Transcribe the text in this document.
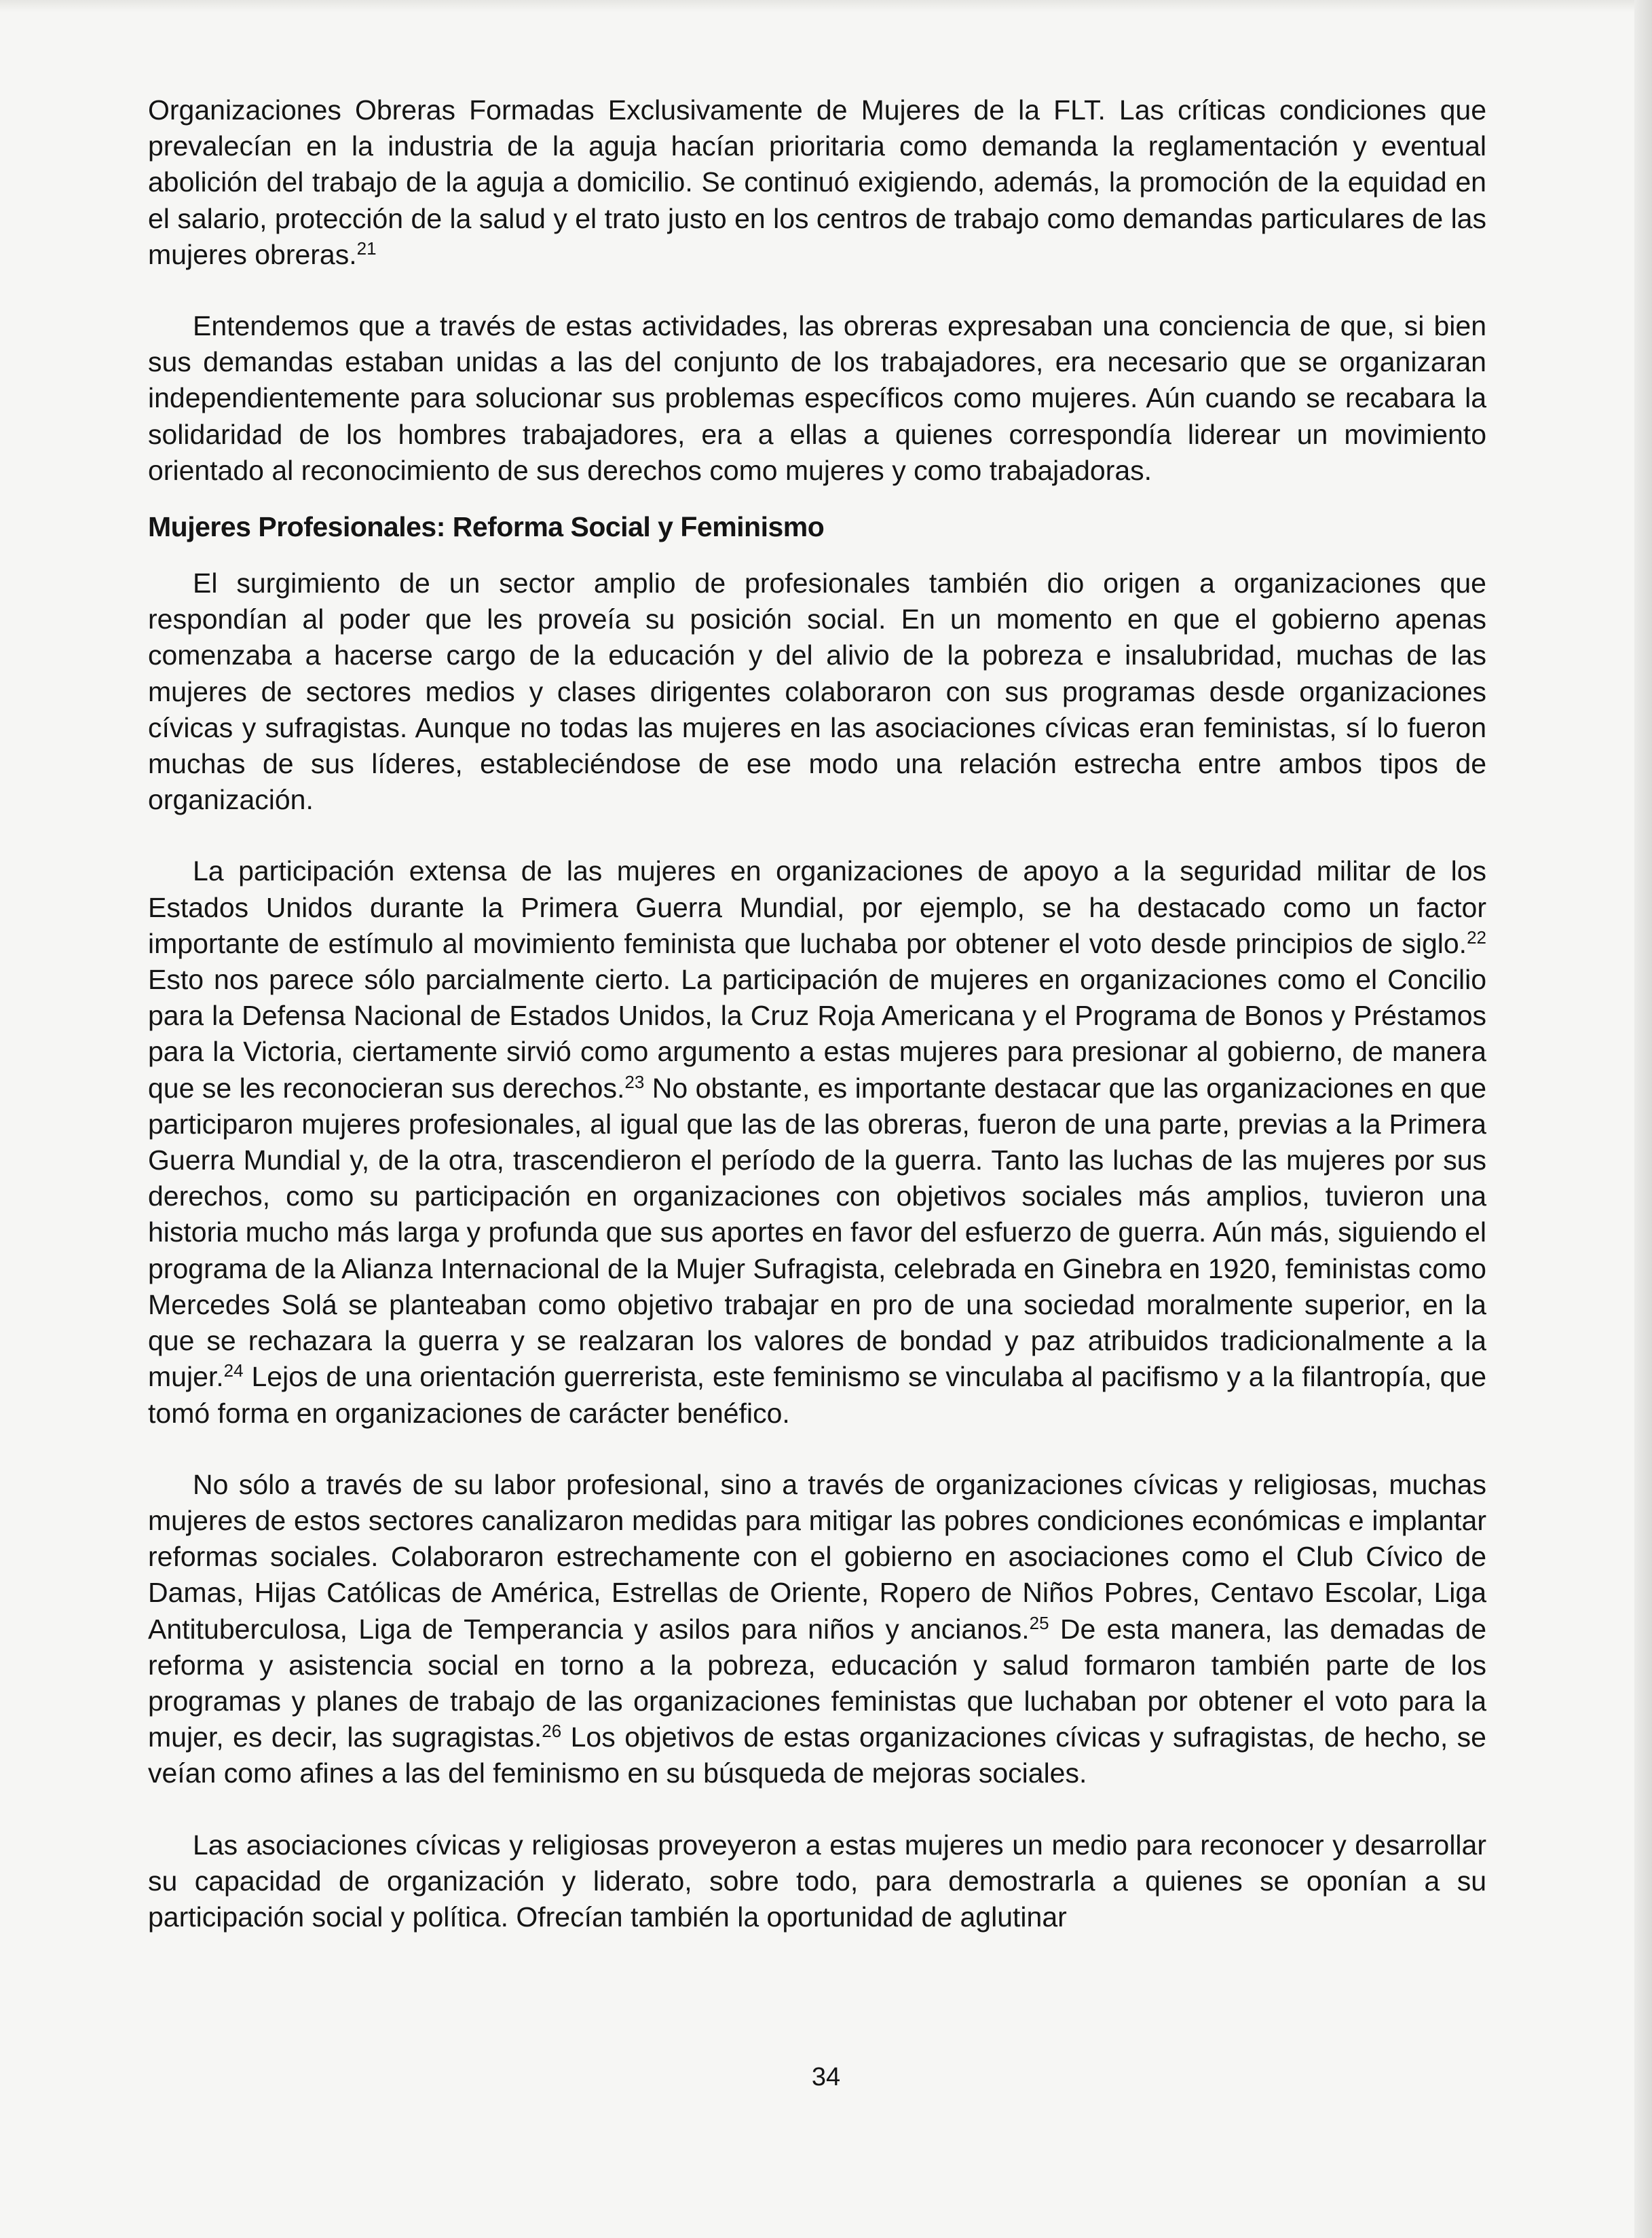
Organizaciones Obreras Formadas Exclusivamente de Mujeres de la FLT. Las críticas condiciones que prevalecían en la industria de la aguja hacían prioritaria como demanda la reglamentación y eventual abolición del trabajo de la aguja a domicilio. Se continuó exigiendo, además, la promoción de la equidad en el salario, protección de la salud y el trato justo en los centros de trabajo como demandas particulares de las mujeres obreras.$^{21}$

Entendemos que a través de estas actividades, las obreras expresaban una conciencia de que, si bien sus demandas estaban unidas a las del conjunto de los trabajadores, era necesario que se organizaran independientemente para solucionar sus problemas específicos como mujeres. Aún cuando se recabara la solidaridad de los hombres trabajadores, era a ellas a quienes correspondía liderear un movimiento orientado al reconocimiento de sus derechos como mujeres y como trabajadoras.

Mujeres Profesionales: Reforma Social y Feminismo

El surgimiento de un sector amplio de profesionales también dio origen a organizaciones que respondían al poder que les proveía su posición social. En un momento en que el gobierno apenas comenzaba a hacerse cargo de la educación y del alivio de la pobreza e insalubridad, muchas de las mujeres de sectores medios y clases dirigentes colaboraron con sus programas desde organizaciones cívicas y sufragistas. Aunque no todas las mujeres en las asociaciones cívicas eran feministas, sí lo fueron muchas de sus líderes, estableciéndose de ese modo una relación estrecha entre ambos tipos de organización.

La participación extensa de las mujeres en organizaciones de apoyo a la seguridad militar de los Estados Unidos durante la Primera Guerra Mundial, por ejemplo, se ha destacado como un factor importante de estímulo al movimiento feminista que luchaba por obtener el voto desde principios de siglo.$^{22}$ Esto nos parece sólo parcialmente cierto. La participación de mujeres en organizaciones como el Concilio para la Defensa Nacional de Estados Unidos, la Cruz Roja Americana y el Programa de Bonos y Préstamos para la Victoria, ciertamente sirvió como argumento a estas mujeres para presionar al gobierno, de manera que se les reconocieran sus derechos.$^{23}$ No obstante, es importante destacar que las organizaciones en que participaron mujeres profesionales, al igual que las de las obreras, fueron de una parte, previas a la Primera Guerra Mundial y, de la otra, trascendieron el período de la guerra. Tanto las luchas de las mujeres por sus derechos, como su participación en organizaciones con objetivos sociales más amplios, tuvieron una historia mucho más larga y profunda que sus aportes en favor del esfuerzo de guerra. Aún más, siguiendo el programa de la Alianza Internacional de la Mujer Sufragista, celebrada en Ginebra en 1920, feministas como Mercedes Solá se planteaban como objetivo trabajar en pro de una sociedad moralmente superior, en la que se rechazara la guerra y se realzaran los valores de bondad y paz atribuidos tradicionalmente a la mujer.$^{24}$ Lejos de una orientación guerrerista, este feminismo se vinculaba al pacifismo y a la filantropía, que tomó forma en organizaciones de carácter benéfico.

No sólo a través de su labor profesional, sino a través de organizaciones cívicas y religiosas, muchas mujeres de estos sectores canalizaron medidas para mitigar las pobres condiciones económicas e implantar reformas sociales. Colaboraron estrechamente con el gobierno en asociaciones como el Club Cívico de Damas, Hijas Católicas de América, Estrellas de Oriente, Ropero de Niños Pobres, Centavo Escolar, Liga Antituberculosa, Liga de Temperancia y asilos para niños y ancianos.$^{25}$ De esta manera, las demadas de reforma y asistencia social en torno a la pobreza, educación y salud formaron también parte de los programas y planes de trabajo de las organizaciones feministas que luchaban por obtener el voto para la mujer, es decir, las sugragistas.$^{26}$ Los objetivos de estas organizaciones cívicas y sufragistas, de hecho, se veían como afines a las del feminismo en su búsqueda de mejoras sociales.

Las asociaciones cívicas y religiosas proveyeron a estas mujeres un medio para reconocer y desarrollar su capacidad de organización y liderato, sobre todo, para demostrarla a quienes se oponían a su participación social y política. Ofrecían también la oportunidad de aglutinar

34
